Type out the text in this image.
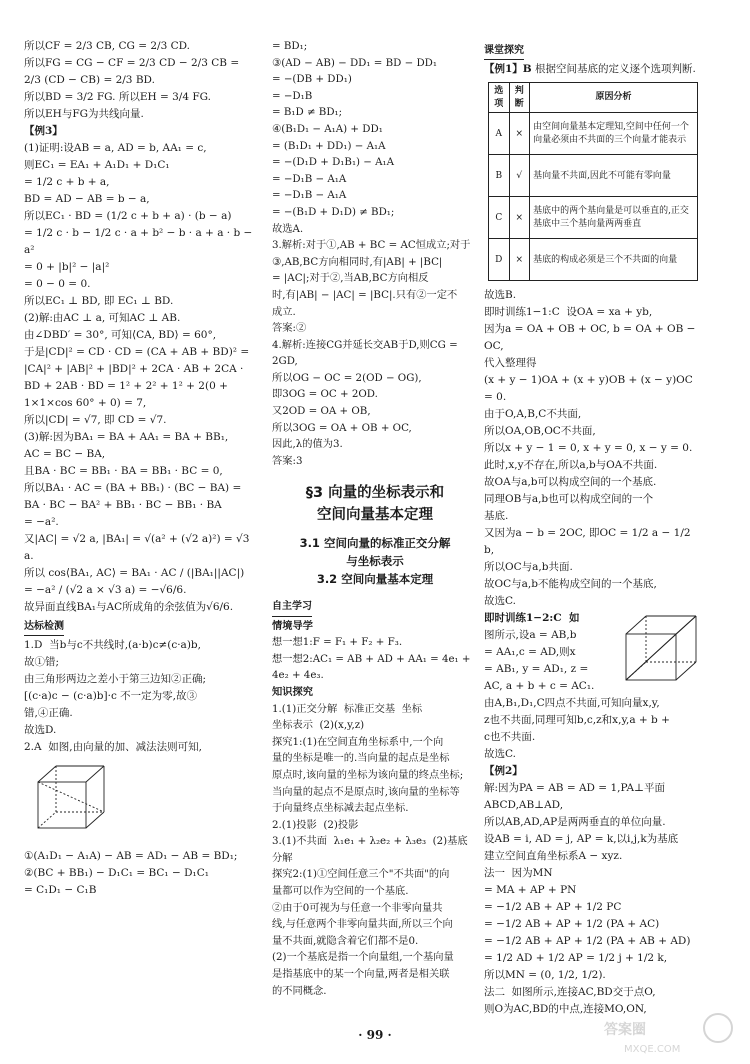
所以CF = 2/3 CB, CG = 2/3 CD.
所以FG = CG − CF = 2/3 CD − 2/3 CB =
2/3 (CD − CB) = 2/3 BD.
所以BD = 3/2 FG. 所以EH = 3/4 FG.
所以EH与FG为共线向量.
【例3】
(1)证明:设AB = a, AD = b, AA₁ = c,
则EC₁ = EA₁ + A₁D₁ + D₁C₁
= 1/2 c + b + a,
BD = AD − AB = b − a,
所以EC₁ · BD = (1/2 c + b + a) · (b − a)
= 1/2 c · b − 1/2 c · a + b² − b · a + a · b − a²
= 0 + |b|² − |a|²
= 0 − 0 = 0.
所以EC₁ ⊥ BD, 即 EC₁ ⊥ BD.
(2)解:由AC ⊥ a, 可知AC ⊥ AB.
由∠DBD′ = 30°, 可知⟨CA, BD⟩ = 60°,
于是|CD|² = CD · CD = (CA + AB + BD)² = |CA|² + |AB|² + |BD|² + 2CA · AB + 2CA · BD + 2AB · BD = 1² + 2² + 1² + 2(0 + 1×1×cos 60° + 0) = 7,
所以|CD| = √7, 即 CD = √7.
(3)解:因为BA₁ = BA + AA₁ = BA + BB₁,
AC = BC − BA,
且BA · BC = BB₁ · BA = BB₁ · BC = 0,
所以BA₁ · AC = (BA + BB₁) · (BC − BA) = BA · BC − BA² + BB₁ · BC − BB₁ · BA
= −a².
又|AC| = √2 a, |BA₁| = √(a² + (√2 a)²) = √3 a.
所以 cos⟨BA₁, AC⟩ = BA₁ · AC / (|BA₁||AC|)
= −a² / (√2 a × √3 a) = −√6/6.
故异面直线BA₁与AC所成角的余弦值为√6/6.
达标检测
1.D  当b与c不共线时,(a·b)c≠(c·a)b,
故①错;
由三角形两边之差小于第三边知②正确;
[(c·a)c − (c·a)b]·c 不一定为零,故③
错,④正确.
故选D.
2.A  如图,由向量的加、减法法则可知,
①(A₁D₁ − A₁A) − AB = AD₁ − AB = BD₁;
②(BC + BB₁) − D₁C₁ = BC₁ − D₁C₁
= C₁D₁ − C₁B
= BD₁;
③(AD − AB) − DD₁ = BD − DD₁
= −(DB + DD₁)
= −D₁B
= B₁D ≠ BD₁;
④(B₁D₁ − A₁A) + DD₁
= (B₁D₁ + DD₁) − A₁A
= −(D₁D + D₁B₁) − A₁A
= −D₁B − A₁A
= −D₁B − A₁A
= −(B₁D + D₁D) ≠ BD₁;
故选A.
3.解析:对于①,AB + BC = AC恒成立;对于
③,AB,BC方向相同时,有|AB| + |BC|
= |AC|;对于②,当AB,BC方向相反
时,有|AB| − |AC| = |BC|.只有②一定不
成立.
答案:②
4.解析:连接CG并延长交AB于D,则CG =
2GD,
所以OG − OC = 2(OD − OG),
即3OG = OC + 2OD.
又2OD = OA + OB,
所以3OG = OA + OB + OC,
因此,λ的值为3.
答案:3
§3 向量的坐标表示和
空间向量基本定理
3.1 空间向量的标准正交分解
与坐标表示
3.2 空间向量基本定理
自主学习
情境导学
想一想1:F = F₁ + F₂ + F₃.
想一想2:AC₁ = AB + AD + AA₁ = 4e₁ +
4e₂ + 4e₃.
知识探究
1.(1)正交分解  标准正交基  坐标
坐标表示  (2)(x,y,z)
探究1:(1)在空间直角坐标系中,一个向
量的坐标是唯一的.当向量的起点是坐标
原点时,该向量的坐标为该向量的终点坐标;
当向量的起点不是原点时,该向量的坐标等
于向量终点坐标减去起点坐标.
2.(1)投影  (2)投影
3.(1)不共面  λ₁e₁ + λ₂e₂ + λ₃e₃  (2)基底
分解
探究2:(1)①空间任意三个"不共面"的向
量都可以作为空间的一个基底.
②由于0可视为与任意一个非零向量共
线,与任意两个非零向量共面,所以三个向
量不共面,就隐含着它们都不是0.
(2)一个基底是指一个向量组,一个基向量
是指基底中的某一个向量,两者是相关联
的不同概念.
课堂探究
【例1】B 根据空间基底的定义逐个选项判断.
选项	判断	原因分析
A	×	由空间向量基本定理知,空间中任何一个向量必须由不共面的三个向量才能表示
B	√	基向量不共面,因此不可能有零向量
C	×	基底中的两个基向量是可以垂直的,正交基底中三个基向量两两垂直
D	×	基底的构成必须是三个不共面的向量
故选B.
即时训练1−1:C  设OA = xa + yb,
因为a = OA + OB + OC, b = OA + OB − OC,
代入整理得
(x + y − 1)OA + (x + y)OB + (x − y)OC
= 0.
由于O,A,B,C不共面,
所以OA,OB,OC不共面,
所以x + y − 1 = 0, x + y = 0, x − y = 0.
此时,x,y不存在,所以a,b与OA不共面.
故OA与a,b可以构成空间的一个基底.
同理OB与a,b也可以构成空间的一个
基底.
又因为a − b = 2OC, 即OC = 1/2 a − 1/2 b,
所以OC与a,b共面.
故OC与a,b不能构成空间的一个基底,
故选C.
即时训练1−2:C  如
图所示,设a = AB,b
= AA₁,c = AD,则x
= AB₁, y = AD₁, z =
AC, a + b + c = AC₁.
由A,B₁,D₁,C四点不共面,可知向量x,y,
z也不共面,同理可知b,c,z和x,y,a + b +
c也不共面.
故选C.
【例2】
解:因为PA = AB = AD = 1,PA⊥平面
ABCD,AB⊥AD,
所以AB,AD,AP是两两垂直的单位向量.
设AB = i, AD = j, AP = k,以i,j,k为基底
建立空间直角坐标系A − xyz.
法一  因为MN
= MA + AP + PN
= −1/2 AB + AP + 1/2 PC
= −1/2 AB + AP + 1/2 (PA + AC)
= −1/2 AB + AP + 1/2 (PA + AB + AD)
= 1/2 AD + 1/2 AP = 1/2 j + 1/2 k,
所以MN = (0, 1/2, 1/2).
法二  如图所示,连接AC,BD交于点O,
则O为AC,BD的中点,连接MO,ON,
· 99 ·	答案圈
MXQE.COM
